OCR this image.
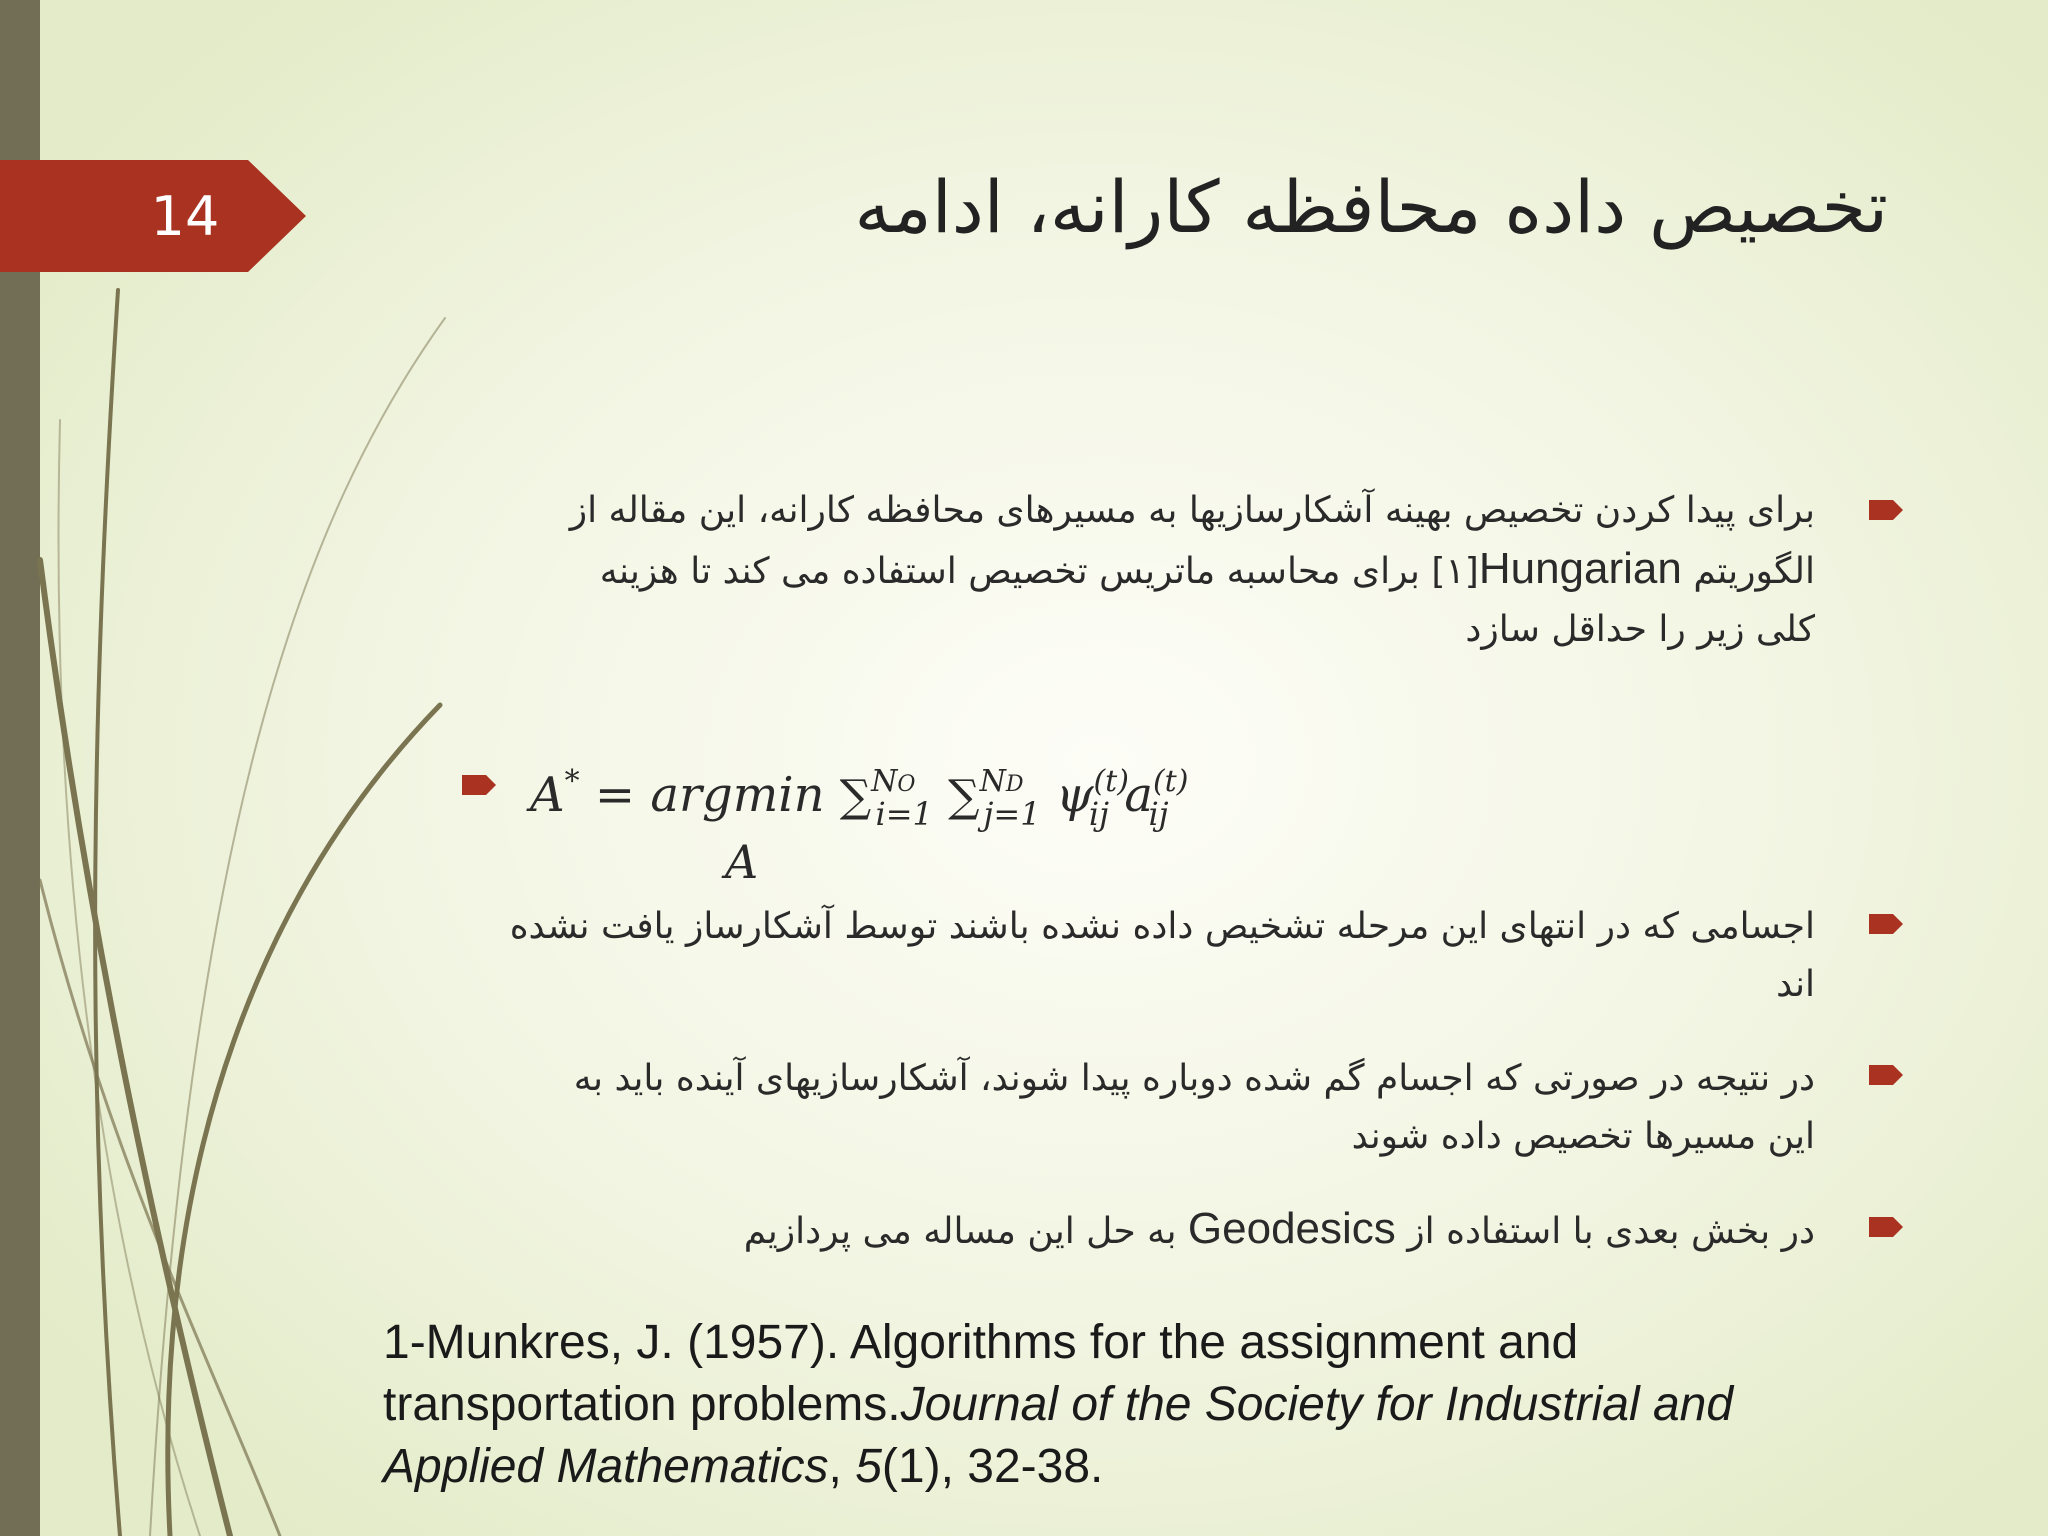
14	تخصیص داده محافظه کارانه، ادامه
برای پیدا کردن تخصیص بهینه آشکارسازیها به مسیرهای محافظه کارانه، این مقاله از
الگوریتم Hungarian[۱] برای محاسبه ماتریس تخصیص استفاده می کند تا هزینه
کلی زیر را حداقل سازد
A* = argmin ∑$^{NO}_{i=1}$ ∑$^{ND}_{j=1}$ $\psi^{(t)}_{ij}$ $a^{(t)}_{ij}$
A
اجسامی که در انتهای این مرحله تشخیص داده نشده باشند توسط آشکارساز یافت نشده
اند
در نتیجه در صورتی که اجسام گم شده دوباره پیدا شوند، آشکارسازیهای آینده باید به
این مسیرها تخصیص داده شوند
در بخش بعدی با استفاده از Geodesics به حل این مساله می پردازیم
1-Munkres, J. (1957). Algorithms for the assignment and transportation problems.Journal of the Society for Industrial and Applied Mathematics, 5(1), 32-38.
